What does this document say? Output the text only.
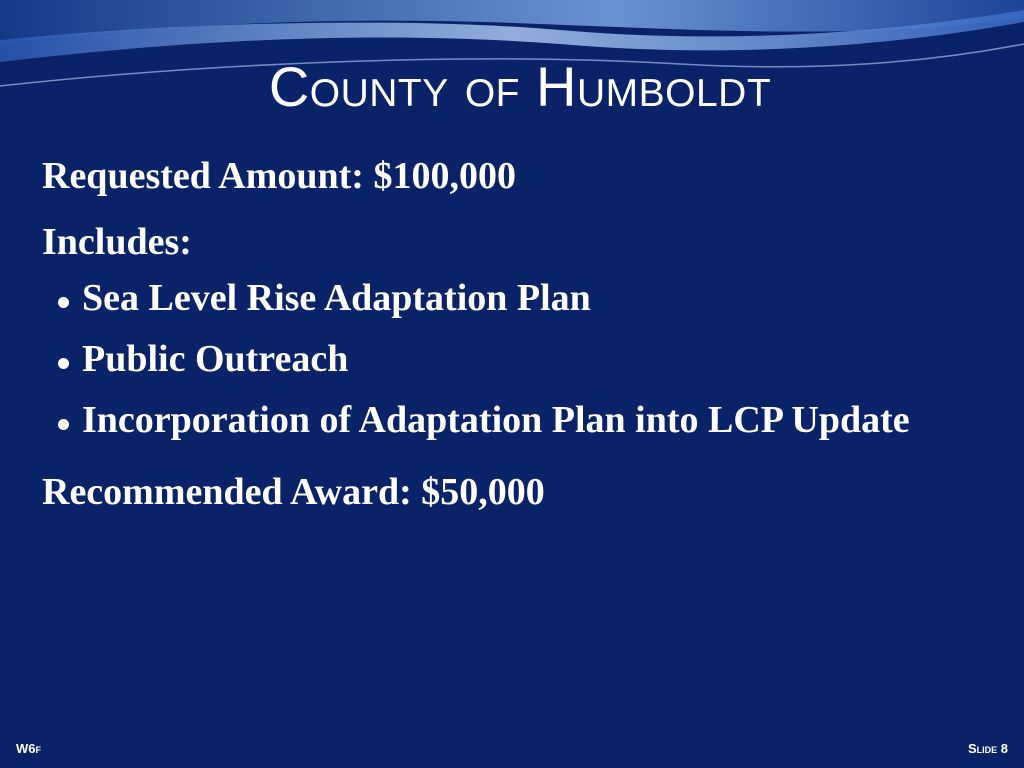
County of Humboldt

Requested Amount: $100,000

Includes:

Sea Level Rise Adaptation Plan
Public Outreach
Incorporation of Adaptation Plan into LCP Update

Recommended Award: $50,000

W6f	Slide 8
